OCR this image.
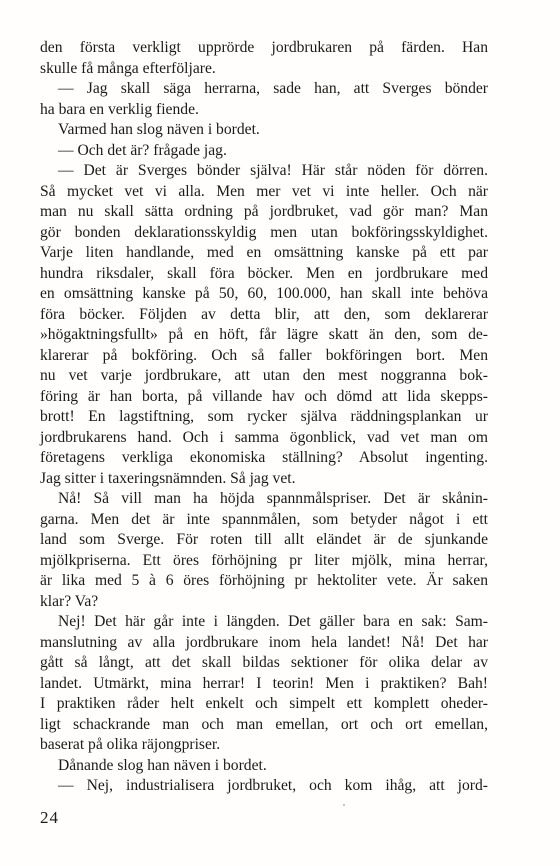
den första verkligt upprörde jordbrukaren på färden. Han
skulle få många efterföljare.
— Jag skall säga herrarna, sade han, att Sverges bönder
ha bara en verklig fiende.
Varmed han slog näven i bordet.
— Och det är? frågade jag.
— Det är Sverges bönder själva! Här står nöden för dörren.
Så mycket vet vi alla. Men mer vet vi inte heller. Och när
man nu skall sätta ordning på jordbruket, vad gör man? Man
gör bonden deklarationsskyldig men utan bokföringsskyldighet.
Varje liten handlande, med en omsättning kanske på ett par
hundra riksdaler, skall föra böcker. Men en jordbrukare med
en omsättning kanske på 50, 60, 100.000, han skall inte behöva
föra böcker. Följden av detta blir, att den, som deklarerar
»högaktningsfullt» på en höft, får lägre skatt än den, som de-
klarerar på bokföring. Och så faller bokföringen bort. Men
nu vet varje jordbrukare, att utan den mest noggranna bok-
föring är han borta, på villande hav och dömd att lida skepps-
brott! En lagstiftning, som rycker själva räddningsplankan ur
jordbrukarens hand. Och i samma ögonblick, vad vet man om
företagens verkliga ekonomiska ställning? Absolut ingenting.
Jag sitter i taxeringsnämnden. Så jag vet.
Nå! Så vill man ha höjda spannmålspriser. Det är skånin-
garna. Men det är inte spannmålen, som betyder något i ett
land som Sverge. För roten till allt eländet är de sjunkande
mjölkpriserna. Ett öres förhöjning pr liter mjölk, mina herrar,
är lika med 5 à 6 öres förhöjning pr hektoliter vete. Är saken
klar? Va?
Nej! Det här går inte i längden. Det gäller bara en sak: Sam-
manslutning av alla jordbrukare inom hela landet! Nå! Det har
gått så långt, att det skall bildas sektioner för olika delar av
landet. Utmärkt, mina herrar! I teorin! Men i praktiken? Bah!
I praktiken råder helt enkelt och simpelt ett komplett oheder-
ligt schackrande man och man emellan, ort och ort emellan,
baserat på olika räjongpriser.
Dånande slog han näven i bordet.
— Nej, industrialisera jordbruket, och kom ihåg, att jord-
24
